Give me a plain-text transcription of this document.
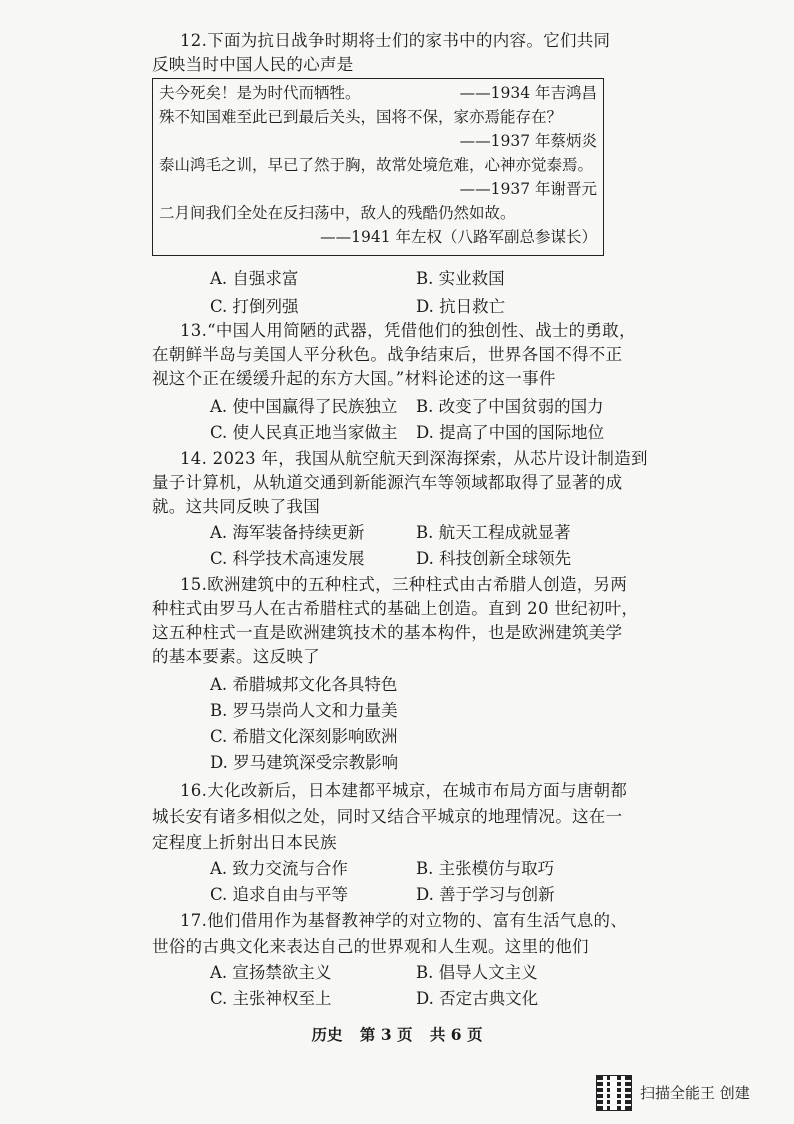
12.下面为抗日战争时期将士们的家书中的内容。它们共同
反映当时中国人民的心声是
夫今死矣！是为时代而牺牲。	——1934 年吉鸿昌
殊不知国难至此已到最后关头，国将不保，家亦焉能存在？
——1937 年蔡炳炎
泰山鸿毛之训，早已了然于胸，故常处境危难，心神亦觉泰焉。
——1937 年谢晋元
二月间我们全处在反扫荡中，敌人的残酷仍然如故。
——1941 年左权（八路军副总参谋长）
A. 自强求富	B. 实业救国
C. 打倒列强	D. 抗日救亡
13.“中国人用简陋的武器，凭借他们的独创性、战士的勇敢，
在朝鲜半岛与美国人平分秋色。战争结束后，世界各国不得不正
视这个正在缓缓升起的东方大国。”材料论述的这一事件
A. 使中国赢得了民族独立 B. 改变了中国贫弱的国力
C. 使人民真正地当家做主 D. 提高了中国的国际地位
14. 2023 年，我国从航空航天到深海探索，从芯片设计制造到
量子计算机，从轨道交通到新能源汽车等领域都取得了显著的成
就。这共同反映了我国
A. 海军装备持续更新	B. 航天工程成就显著
C. 科学技术高速发展	D. 科技创新全球领先
15.欧洲建筑中的五种柱式，三种柱式由古希腊人创造，另两
种柱式由罗马人在古希腊柱式的基础上创造。直到 20 世纪初叶，
这五种柱式一直是欧洲建筑技术的基本构件，也是欧洲建筑美学
的基本要素。这反映了
A. 希腊城邦文化各具特色
B. 罗马崇尚人文和力量美
C. 希腊文化深刻影响欧洲
D. 罗马建筑深受宗教影响
16.大化改新后，日本建都平城京，在城市布局方面与唐朝都
城长安有诸多相似之处，同时又结合平城京的地理情况。这在一
定程度上折射出日本民族
A. 致力交流与合作	B. 主张模仿与取巧
C. 追求自由与平等	D. 善于学习与创新
17.他们借用作为基督教神学的对立物的、富有生活气息的、
世俗的古典文化来表达自己的世界观和人生观。这里的他们
A. 宣扬禁欲主义	B. 倡导人文主义
C. 主张神权至上	D. 否定古典文化
历史 第 3 页 共 6 页
扫描全能王 创建
